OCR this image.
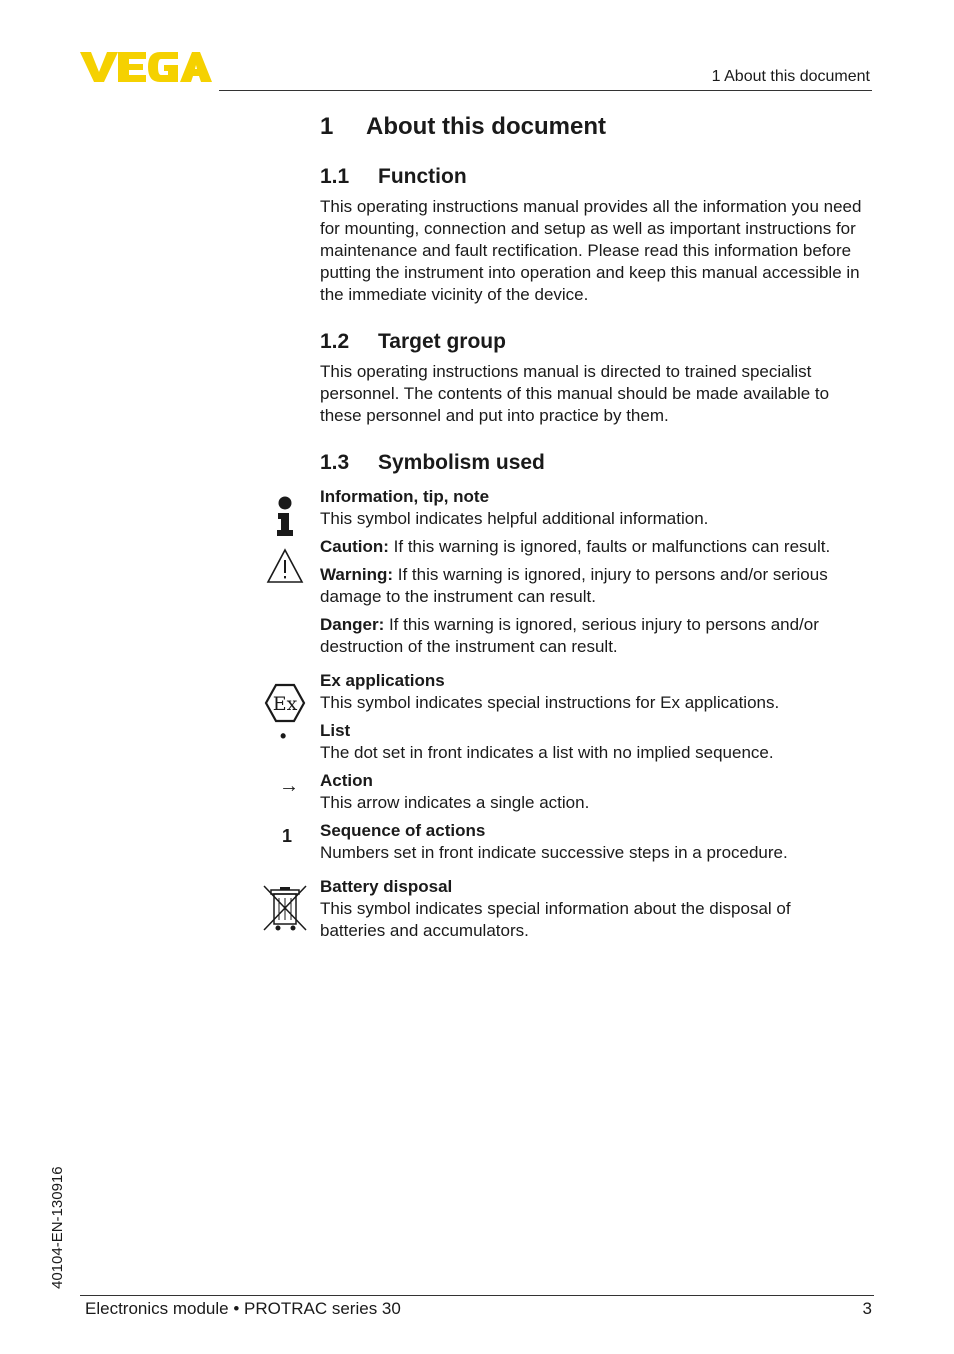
1 About this document
Ex
•
→
1
1 About this document
1.1 Function

This operating instructions manual provides all the information you need for mounting, connection and setup as well as important instructions for maintenance and fault rectification. Please read this information before putting the instrument into operation and keep this manual accessible in the immediate vicinity of the device.

1.2 Target group

This operating instructions manual is directed to trained specialist personnel. The contents of this manual should be made available to these personnel and put into practice by them.

1.3 Symbolism used
Information, tip, note

This symbol indicates helpful additional information.

Caution: If this warning is ignored, faults or malfunctions can result.

Warning: If this warning is ignored, injury to persons and/or serious damage to the instrument can result.

Danger: If this warning is ignored, serious injury to persons and/or destruction of the instrument can result.

Ex applications

This symbol indicates special instructions for Ex applications.

List

The dot set in front indicates a list with no implied sequence.

Action

This arrow indicates a single action.

Sequence of actions

Numbers set in front indicate successive steps in a procedure.

Battery disposal

This symbol indicates special information about the disposal of batteries and accumulators.

40104-EN-130916
Electronics module • PROTRAC series 30	3
